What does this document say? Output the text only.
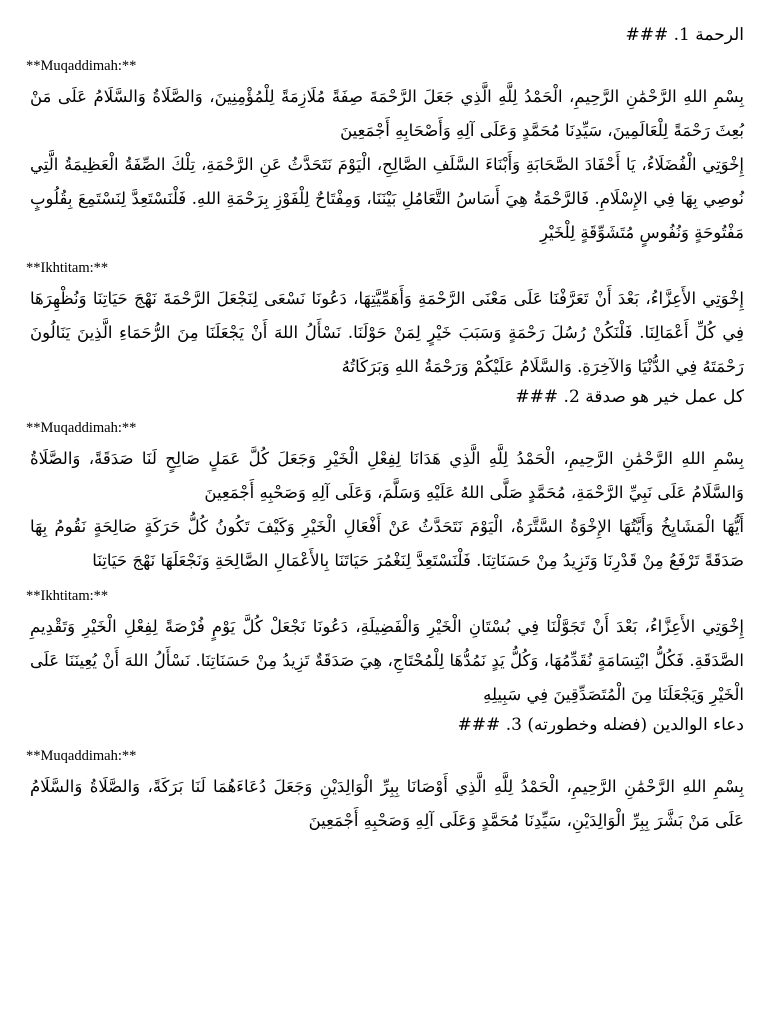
الرحمة 1. ###

**Muqaddimah:**

بِسْمِ اللهِ الرَّحْمَٰنِ الرَّحِيمِ، الْحَمْدُ لِلَّهِ الَّذِي جَعَلَ الرَّحْمَةَ صِفَةً مُلَازِمَةً لِلْمُؤْمِنِينَ، وَالصَّلَاةُ وَالسَّلَامُ عَلَى مَنْ بُعِثَ رَحْمَةً لِلْعَالَمِينَ، سَيِّدِنَا مُحَمَّدٍ وَعَلَى آلِهِ وَأَصْحَابِهِ أَجْمَعِينَ

إِخْوَتِي الْفُضَلَاءُ، يَا أَحْفَادَ الصَّحَابَةِ وَأَبْنَاءَ السَّلَفِ الصَّالِحِ، الْيَوْمَ نَتَحَدَّثُ عَنِ الرَّحْمَةِ، تِلْكَ الصِّفَةُ الْعَظِيمَةُ الَّتِي نُوصِي بِهَا فِي الإِسْلَامِ. فَالرَّحْمَةُ هِيَ أَسَاسُ التَّعَامُلِ بَيْنَنَا، وَمِفْتَاحٌ لِلْفَوْزِ بِرَحْمَةِ اللهِ. فَلْنَسْتَعِدَّ لِنَسْتَمِعَ بِقُلُوبٍ مَفْتُوحَةٍ وَنُفُوسٍ مُتَشَوِّقَةٍ لِلْخَيْرِ

**Ikhtitam:**

إِخْوَتِي الأَعِزَّاءُ، بَعْدَ أَنْ تَعَرَّفْنَا عَلَى مَعْنَى الرَّحْمَةِ وَأَهَمِّيَّتِهَا، دَعُونَا نَسْعَى لِنَجْعَلَ الرَّحْمَةَ نَهْجَ حَيَاتِنَا وَنُظْهِرَهَا فِي كُلِّ أَعْمَالِنَا. فَلْنَكُنْ رُسُلَ رَحْمَةٍ وَسَبَبَ خَيْرٍ لِمَنْ حَوْلَنَا. نَسْأَلُ اللهَ أَنْ يَجْعَلَنَا مِنَ الرُّحَمَاءِ الَّذِينَ يَنَالُونَ رَحْمَتَهُ فِي الدُّنْيَا وَالآخِرَةِ. وَالسَّلَامُ عَلَيْكُمْ وَرَحْمَةُ اللهِ وَبَرَكَاتُهُ

كل عمل خير هو صدقة 2. ###

**Muqaddimah:**

بِسْمِ اللهِ الرَّحْمَٰنِ الرَّحِيمِ، الْحَمْدُ لِلَّهِ الَّذِي هَدَانَا لِفِعْلِ الْخَيْرِ وَجَعَلَ كُلَّ عَمَلٍ صَالِحٍ لَنَا صَدَقَةً، وَالصَّلَاةُ وَالسَّلَامُ عَلَى نَبِيِّ الرَّحْمَةِ، مُحَمَّدٍ صَلَّى اللهُ عَلَيْهِ وَسَلَّمَ، وَعَلَى آلِهِ وَصَحْبِهِ أَجْمَعِينَ

أَيُّهَا الْمَشَايِخُ وَأَيَّتُهَا الإِخْوَةُ السَّتَّرَةُ، الْيَوْمَ نَتَحَدَّثُ عَنْ أَفْعَالِ الْخَيْرِ وَكَيْفَ تَكُونُ كُلُّ حَرَكَةٍ صَالِحَةٍ نَقُومُ بِهَا صَدَقَةً تَرْفَعُ مِنْ قَدْرِنَا وَتَزِيدُ مِنْ حَسَنَاتِنَا. فَلْنَسْتَعِدَّ لِنَغْمُرَ حَيَاتَنَا بِالأَعْمَالِ الصَّالِحَةِ وَنَجْعَلَهَا نَهْجَ حَيَاتِنَا

**Ikhtitam:**

إِخْوَتِي الأَعِزَّاءُ، بَعْدَ أَنْ تَجَوَّلْنَا فِي بُسْتَانِ الْخَيْرِ وَالْفَضِيلَةِ، دَعُونَا نَجْعَلْ كُلَّ يَوْمٍ فُرْصَةً لِفِعْلِ الْخَيْرِ وَتَقْدِيمِ الصَّدَقَةِ. فَكُلُّ ابْتِسَامَةٍ نُقَدِّمُهَا، وَكُلُّ يَدٍ نَمُدُّهَا لِلْمُحْتَاجِ، هِيَ صَدَقَةٌ تَزِيدُ مِنْ حَسَنَاتِنَا. نَسْأَلُ اللهَ أَنْ يُعِينَنَا عَلَى الْخَيْرِ وَيَجْعَلَنَا مِنَ الْمُتَصَدِّقِينَ فِي سَبِيلِهِ

دعاء الوالدين (فضله وخطورته) 3. ###

**Muqaddimah:**

بِسْمِ اللهِ الرَّحْمَٰنِ الرَّحِيمِ، الْحَمْدُ لِلَّهِ الَّذِي أَوْصَانَا بِبِرِّ الْوَالِدَيْنِ وَجَعَلَ دُعَاءَهُمَا لَنَا بَرَكَةً، وَالصَّلَاةُ وَالسَّلَامُ عَلَى مَنْ بَشَّرَ بِبِرِّ الْوَالِدَيْنِ، سَيِّدِنَا مُحَمَّدٍ وَعَلَى آلِهِ وَصَحْبِهِ أَجْمَعِينَ
